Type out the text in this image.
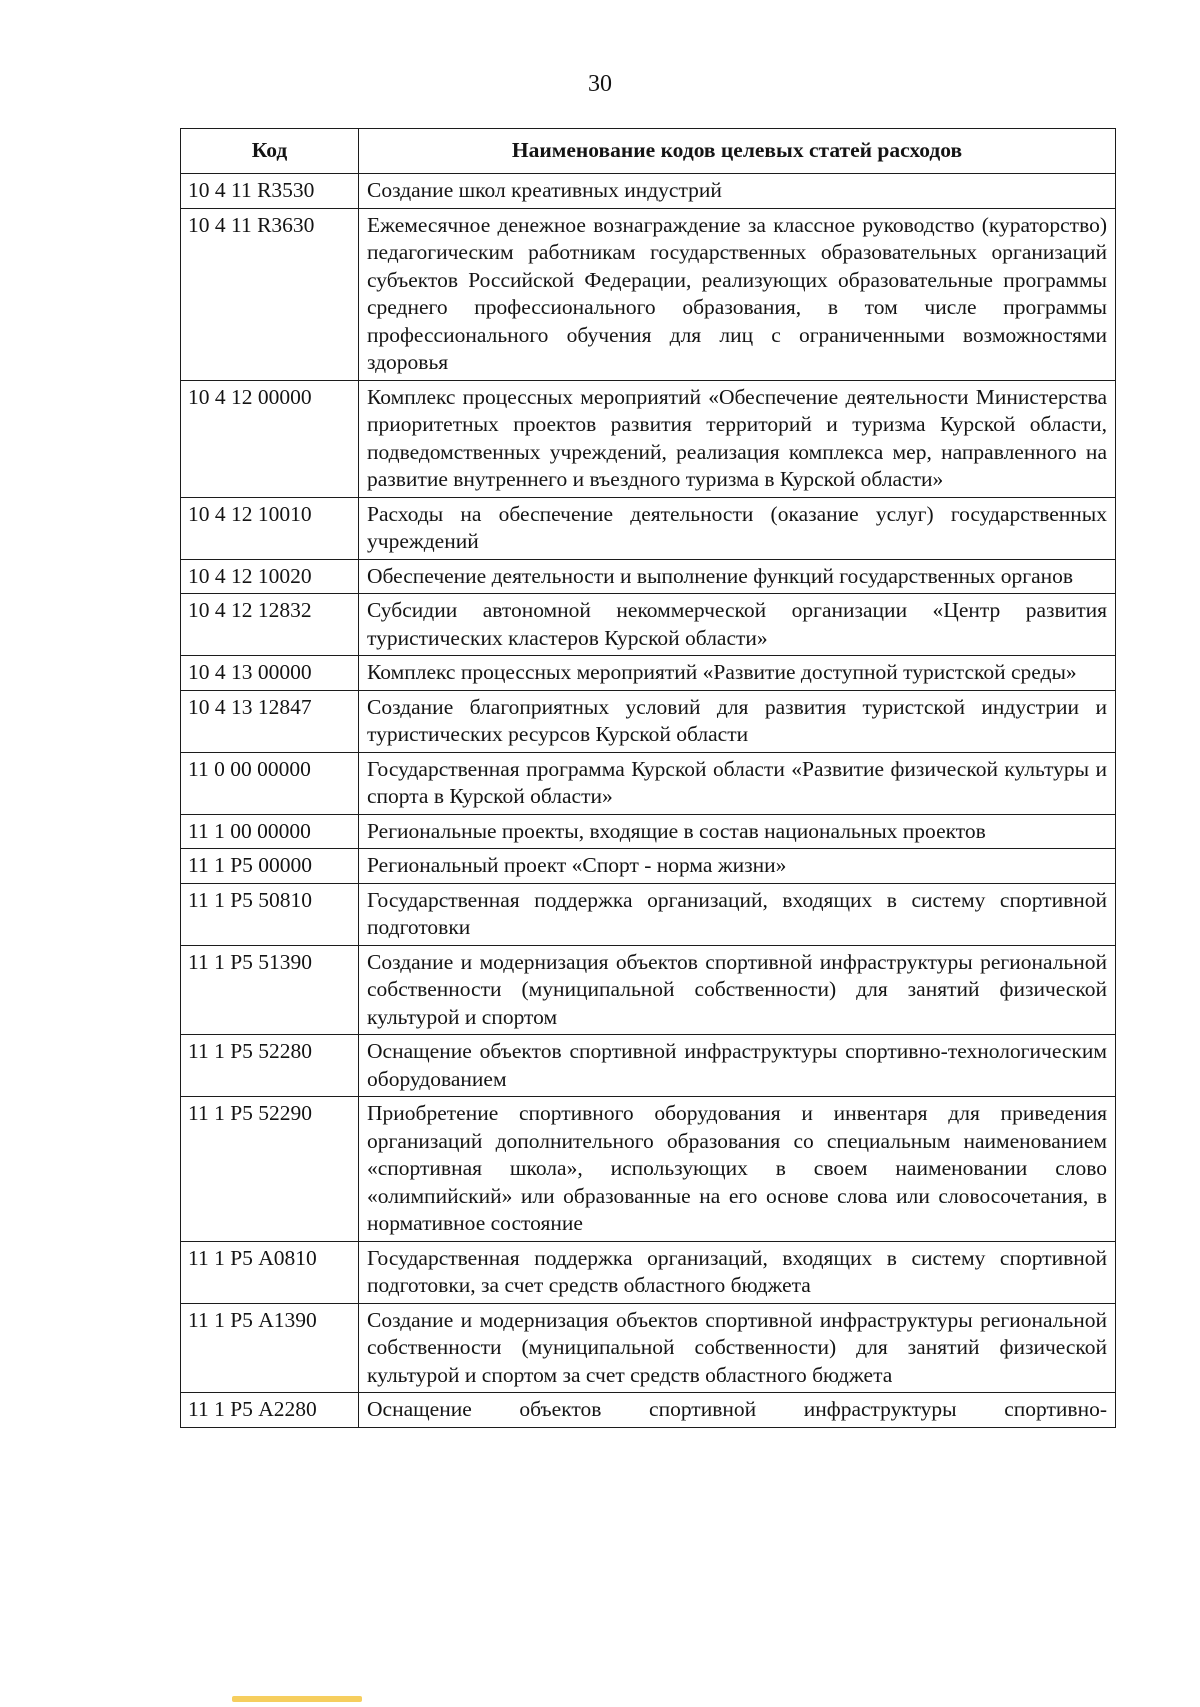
30
Код	Наименование кодов целевых статей расходов
10 4 11 R3530	Создание школ креативных индустрий
10 4 11 R3630	Ежемесячное денежное вознаграждение за классное руководство (кураторство) педагогическим работникам государственных образовательных организаций субъектов Российской Федерации, реализующих образовательные программы среднего профессионального образования, в том числе программы профессионального обучения для лиц с ограниченными возможностями здоровья
10 4 12 00000	Комплекс процессных мероприятий «Обеспечение деятельности Министерства приоритетных проектов развития территорий и туризма Курской области, подведомственных учреждений, реализация комплекса мер, направленного на развитие внутреннего и въездного туризма в Курской области»
10 4 12 10010	Расходы на обеспечение деятельности (оказание услуг) государственных учреждений
10 4 12 10020	Обеспечение деятельности и выполнение функций государственных органов
10 4 12 12832	Субсидии автономной некоммерческой организации «Центр развития туристических кластеров Курской области»
10 4 13 00000	Комплекс процессных мероприятий «Развитие доступной туристской среды»
10 4 13 12847	Создание благоприятных условий для развития туристской индустрии и туристических ресурсов Курской области
11 0 00 00000	Государственная программа Курской области «Развитие физической культуры и спорта в Курской области»
11 1 00 00000	Региональные проекты, входящие в состав национальных проектов
11 1 Р5 00000	Региональный проект «Спорт - норма жизни»
11 1 Р5 50810	Государственная поддержка организаций, входящих в систему спортивной подготовки
11 1 Р5 51390	Создание и модернизация объектов спортивной инфраструктуры региональной собственности (муниципальной собственности) для занятий физической культурой и спортом
11 1 Р5 52280	Оснащение объектов спортивной инфраструктуры спортивно-технологическим оборудованием
11 1 Р5 52290	Приобретение спортивного оборудования и инвентаря для приведения организаций дополнительного образования со специальным наименованием «спортивная школа», использующих в своем наименовании слово «олимпийский» или образованные на его основе слова или словосочетания, в нормативное состояние
11 1 Р5 А0810	Государственная поддержка организаций, входящих в систему спортивной подготовки, за счет средств областного бюджета
11 1 Р5 А1390	Создание и модернизация объектов спортивной инфраструктуры региональной собственности (муниципальной собственности) для занятий физической культурой и спортом за счет средств областного бюджета
11 1 Р5 А2280	Оснащение объектов спортивной инфраструктуры спортивно-
